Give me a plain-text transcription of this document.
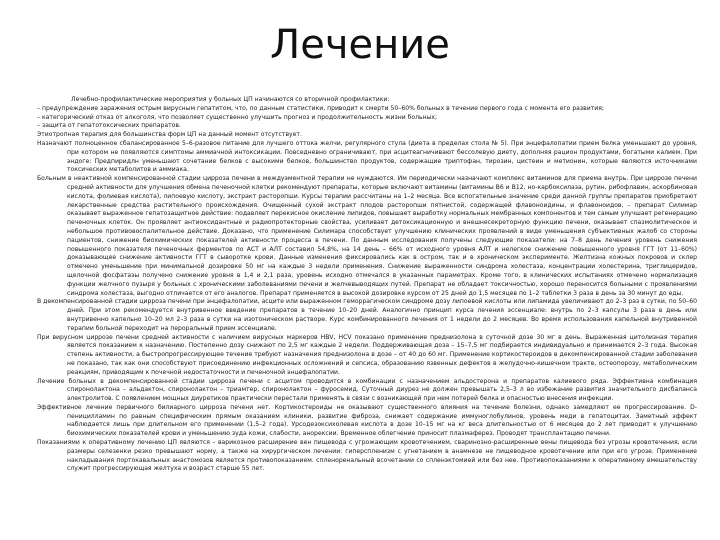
Лечение

Лечебно-профилактические мероприятия у больных ЦП начинаются со вторичной профилактики:

– предупреждение заражения острым вирусным гепатитом, что, по данным статистики, приводит к смерти 50–60% больных в течение первого года с момента его развития;

– категорический отказ от алкоголя, что позволяет существенно улучшить прогноз и продолжительность жизни больных;

– защита от гепатотоксических препаратов.

Этиотропная терапия для большинства форм ЦП на данный момент отсутствует.

Назначают полноценное сбалансированное 5–6-разовое питание для лучшего оттока желчи, регулярного стула (диета в пределах стола № 5). При энцефалопатии прием белка уменьшают до уровня, при котором не появляются симптомы аммиачной интоксикации. Повседневно ограничивают, при асцитеагничивают бессолевую диету, дополняя рацион продуктами, богатыми калием. При эндоге: Предпиридлн уменьшают сочетание белков с высокими белков, большинство продуктов, содержащие триптофан, тирозин, цистеин и метионин, которые являются источниками токсических метаболитов и аммиака.

Больным в неактивной компенсированной стадии цирроза печени в междуэментной терапии не нуждаются. Им периодически назначают комплекс витаминов для приема внутрь. При циррозе печени средней активности для улучшения обмена печеночной клетки рекомендуют препараты, которые включают витамины (витамины В6 и В12, но-карбоксилаза, рутин, рибофлавин, аскорбиновая кислота, фолиевая кислота), липоевую кислоту, экстракт расторопши. Курсы терапии рассчитаны на 1–2 месяца. Все вспогательные значение среди данной группы препаратов приобретают лекарственные средства растительного происхождения. Очищенный сухой экстракт плодов расторопши пятнистой, содержащей флавоноидины, и флавоноидов, – препарат Силимар оказывает выраженное гепатозащитное действие: подавляет перекисное окисление липидов, повышает выработку нормальных мембранных компонентов и тем самым улучшает регенерацию печеночных клеток. Он проявляет антиоксидантные и радиопротекторные свойства, усиливает детоксикационную и внешнесекреторную функцию печени, оказывает спазмолитическое и небольшое противовоспалительное действие. Доказано, что применение Силимара способствует улучшению клинических проявлений в виде уменьшения субъективных жалоб со стороны пациентов, снижение биохимических показателей активности процесса в печени. По данным исследования получены следующие показатели: на 7–8 день лечения уровень снижения повышенного показателя печеночных ферментов по АСТ и АЛТ составил 54,8%, на 14 день – 66% от исходного уровня АЛТ и нелегкое снижение повышенного уровня ГГТ (от 11–60%) доказывающее снижение активности ГГТ в сыворотке крови. Данные изменения фиксировались как в остром, так и в хроническом эксперименте. Желтизна кожных покровов и склер отмечено уменьшение при минимальной дозировке 50 мг на каждые 3 недели применения. Снижение выраженности синдрома холестаза, концентрации холестерина, триглицеридов, щелочной фосфатазы получено снижение уровня в 1,4 и 2,1 раза, уровень исходно отмечался в указанных параметрах. Кроме того, в клинических испытаниях отмечено нормализация функции желчного пузыря у больных с хроническими заболеваниями печени и желчевыводящих путей. Препарат не обладает токсичностью, хорошо переносится больными с проявлениями синдрома холестаза, выгодно отличается от его аналогов. Препарат применяется в высокой дозировке курсом от 25 дней до 1,5 месяцев по 1–2 таблетки 3 раза в день за 30 минут до еды.

В декомпенсированной стадии цирроза печени при энцефалопатии, асците или выраженном геморрагическом синдроме дозу липоевой кислоты или липамида увеличивают до 2–3 раз в сутки, по 50–60 дней. При этом рекомендуется внутривенное введение препаратов в течение 10–20 дней. Аналогично принцип курса лечения эссенциале: внутрь по 2–3 капсулы 3 раза в день или внутривенно капельно 10–20 мл 2–3 раза в сутки на изотоническом растворе. Курс комбинированного лечения от 1 недели до 2 месяцев. Во время использования капельной внутривенной терапии больной переходит на пероральный прием эссенциале.

При вирусном циррозе печени средней активности с наличием вирусных маркеров НВV, НСV показано применение преднизолона в суточной дозе 30 мг в день. Выраженная цитолизная терапия является показанием к назначению. Постепенно дозу снижают по 2,5 мг каждые 2 недели. Поддерживающая доза – 15–7,5 мг подбирается индивидуально и принимается 2–3 года. Высокая степень активности, а быстропрогрессирующее течение требуют назначения преднизолона в дозе – от 40 до 60 мг. Применение кортикостероидов в декомпенсированной стадии заболевания не показано, так как они способствуют присоединению инфекционных осложнений и сепсиса, образованию язвенных дефектов в желудочно-кишечном тракте, остеопорозу, метаболическим реакциям, приводящим к почечной недостаточности и печеночной энцефалопатии.

Лечение больных в декомпенсированной стадии цирроза печени с асцитом проводится в комбинации с назначением альдостерона и препаратов калиевого ряда. Эффективна комбинация спиронолактона – альдактон, спиронолактон – триамтер, спиронолактон – фуросемид. Суточный диурез не должен превышать 2,5–3 л во избежание развития значительного дисбаланса электролитов. С появлением мощных диуретиков практически перестали применять в связи с возникающей при нем потерей белка и опасностью внесения инфекции.

Эффективное лечение первичного билиарного цирроза печени нет. Кортикостероиды не оказывают существенного влияния на течение болезни, однако замедляют ее прогрессирование. D-пеницилламин по равным специфическим прямым оказанием клиники, развитие фиброза, снижает содержание иммуноглобулинов, уровень меди в гепатоцитах. Заметный эффект наблюдается лишь при длительном его применении (1,5–2 года). Урсодезоксихолевая кислота в дозе 10–15 мг на кг веса длительностью от 6 месяцев до 2 лет приводит к улучшению биохимических показателей крови и уменьшению зуда кожи, слабости, анорексии. Временное облегчение приносит плазмаферез. Проводят трансплантацию печени.

Показаниями к оперативному лечению ЦП являются – варикозное расширение вен пищевода с угрожающим кровотечением, сваринозно-расширенные вены пищевода без угрозы кровотечения, если размеры селезенки резко превышают норму, а также на хирургическом лечении: гиперспленизм с угнетанием в анамнезе не пищеводное кровотечение или при его угрозе. Применение накладывания портокавальных анастомозов является противопоказанием. спленоренальный всочетании со спленэктомией или без нее. Противопоказаниями к оперативному вмешательству служит прогрессирующая желтуха и возраст старше 55 лет.
